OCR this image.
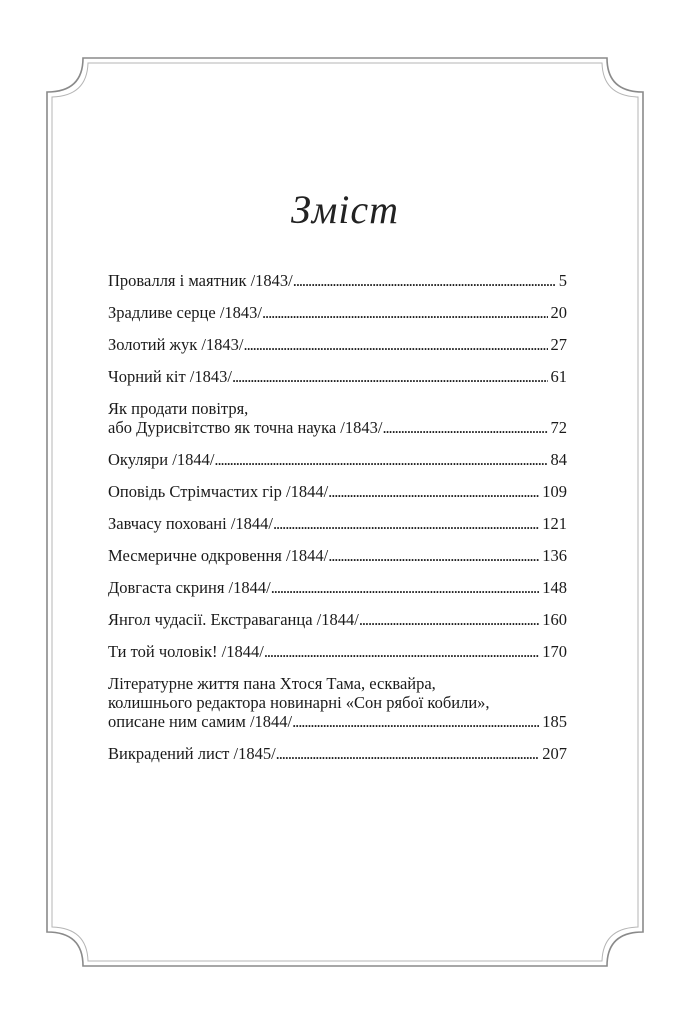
Зміст
Провалля і маятник /1843/ . . .	5
Зрадливе серце /1843/ . . .	20
Золотий жук /1843/ . . .	27
Чорний кіт /1843/ . . .	61
Як продати повітря,
або Дурисвітство як точна наука /1843/ . . .	72
Окуляри /1844/ . . .	84
Оповідь Стрімчастих гір /1844/ . . .	109
Завчасу поховані /1844/ . . .	121
Месмеричне одкровення /1844/ . . .	136
Довгаста скриня /1844/ . . .	148
Янгол чудасії. Екстраваганца /1844/ . . .	160
Ти той чоловік! /1844/ . . .	170
Літературне життя пана Хтося Тама, есквайра,
колишнього редактора новинарні «Сон рябої кобили»,
описане ним самим /1844/ . . .	185
Викрадений лист /1845/ . . .	207
